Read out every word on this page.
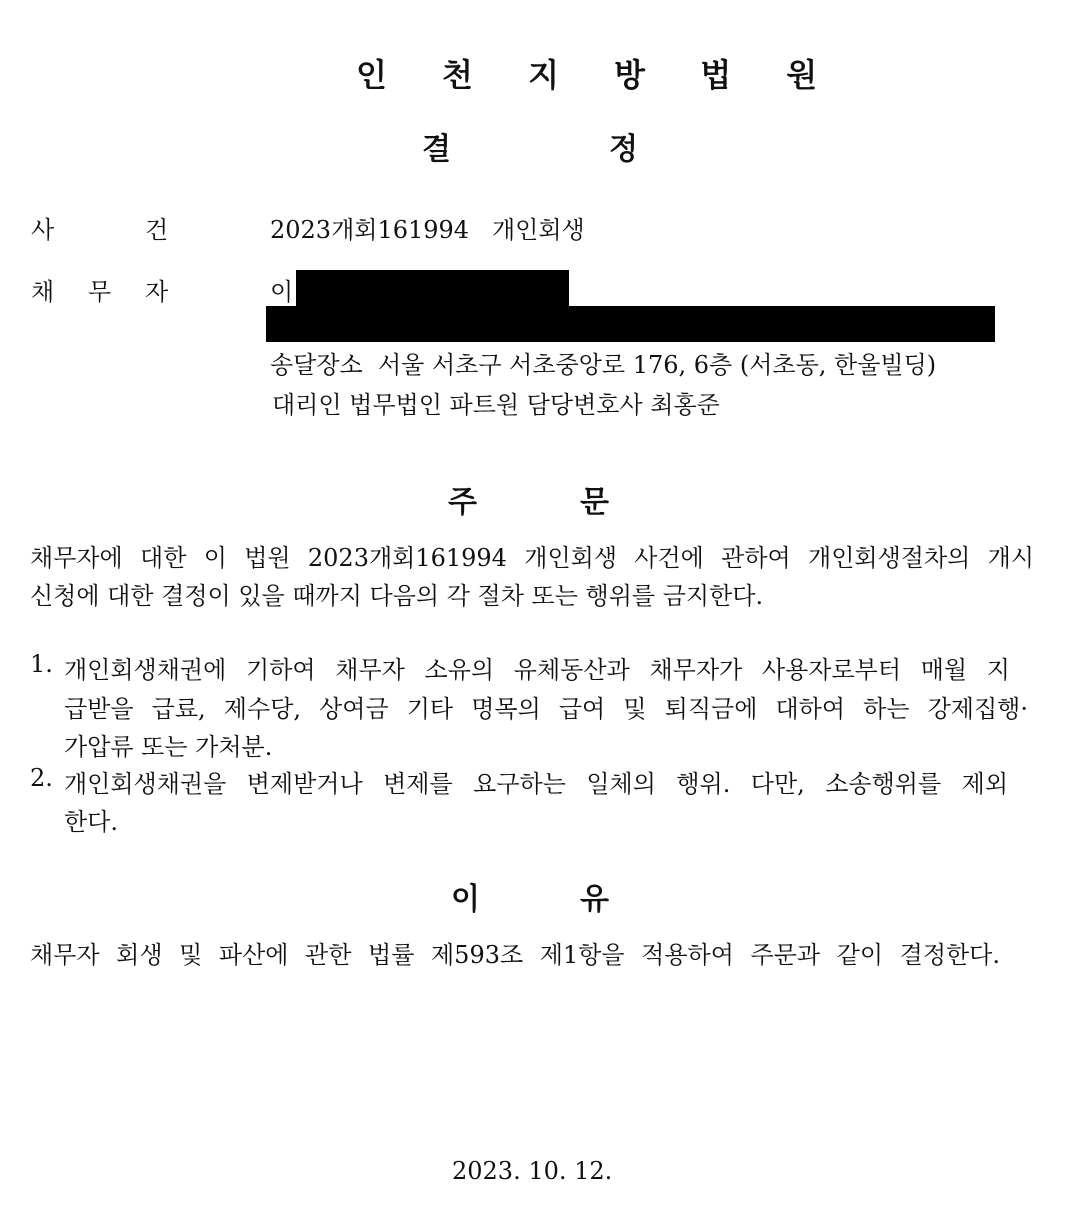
인 천 지 방 법 원
결	정
사	건	2023개회161994   개인회생
채 무 자	이
송달장소  서울 서초구 서초중앙로 176, 6층 (서초동, 한울빌딩)
대리인 법무법인 파트원 담당변호사 최홍준
주	문
채무자에 대한 이 법원 2023개회161994 개인회생 사건에 관하여 개인회생절차의 개시
신청에 대한 결정이 있을 때까지 다음의 각 절차 또는 행위를 금지한다.
1. 개인회생채권에 기하여 채무자 소유의 유체동산과 채무자가 사용자로부터 매월 지
급받을 급료, 제수당, 상여금 기타 명목의 급여 및 퇴직금에 대하여 하는 강제집행·
가압류 또는 가처분.
2. 개인회생채권을 변제받거나 변제를 요구하는 일체의 행위. 다만, 소송행위를 제외
한다.
이	유
채무자 회생 및 파산에 관한 법률 제593조 제1항을 적용하여 주문과 같이 결정한다.
2023. 10. 12.
